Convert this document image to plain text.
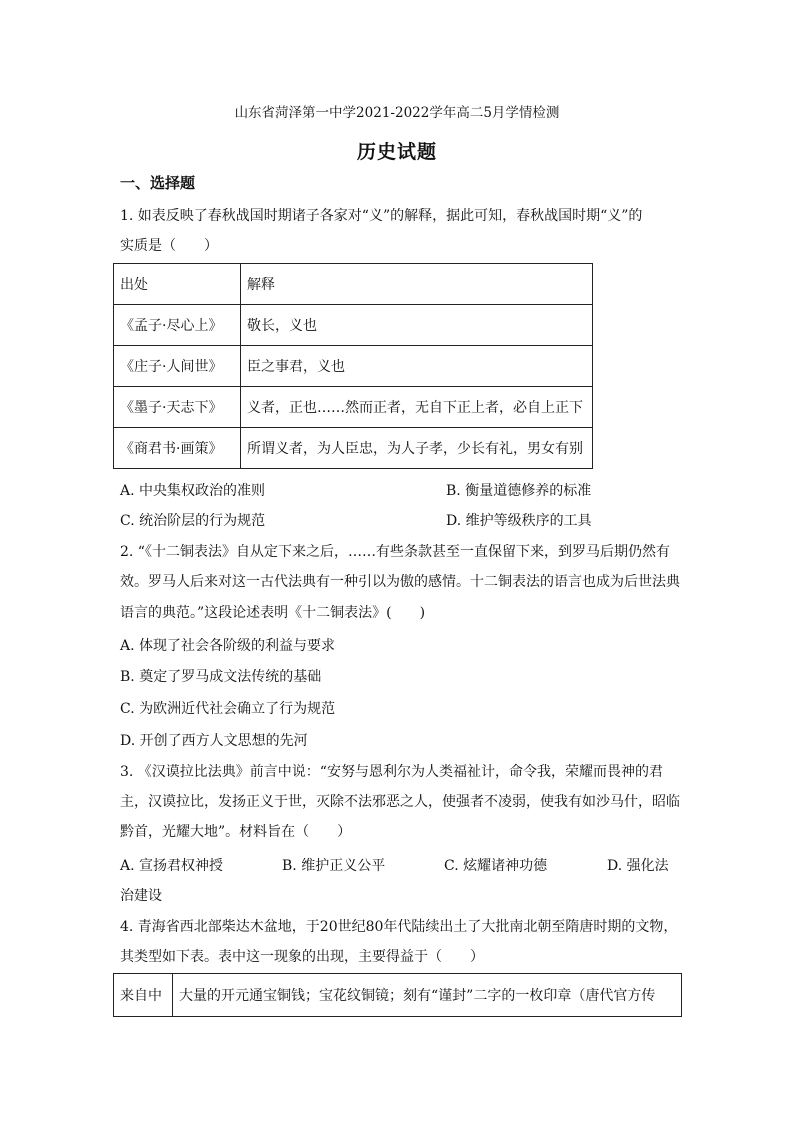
山东省菏泽第一中学2021-2022学年高二5月学情检测
历史试题
一、选择题
1. 如表反映了春秋战国时期诸子各家对“义”的解释，据此可知，春秋战国时期“义”的
实质是（　　）
出处	解释
《孟子·尽心上》	敬长，义也
《庄子·人间世》	臣之事君，义也
《墨子·天志下》	义者，正也……然而正者，无自下正上者，必自上正下
《商君书·画策》	所谓义者，为人臣忠，为人子孝，少长有礼，男女有别
A. 中央集权政治的准则	B. 衡量道德修养的标准
C. 统治阶层的行为规范	D. 维护等级秩序的工具
2. “《十二铜表法》自从定下来之后，……有些条款甚至一直保留下来，到罗马后期仍然有
效。罗马人后来对这一古代法典有一种引以为傲的感情。十二铜表法的语言也成为后世法典
语言的典范。”这段论述表明《十二铜表法》(　　)
A. 体现了社会各阶级的利益与要求
B. 奠定了罗马成文法传统的基础
C. 为欧洲近代社会确立了行为规范
D. 开创了西方人文思想的先河
3. 《汉谟拉比法典》前言中说：“安努与恩利尔为人类福祉计，命令我，荣耀而畏神的君
主，汉谟拉比，发扬正义于世，灭除不法邪恶之人，使强者不凌弱，使我有如沙马什，昭临
黔首，光耀大地”。材料旨在（　　）
A. 宣扬君权神授	B. 维护正义公平	C. 炫耀诸神功德	D. 强化法
治建设
4. 青海省西北部柴达木盆地，于20世纪80年代陆续出土了大批南北朝至隋唐时期的文物，
其类型如下表。表中这一现象的出现，主要得益于（　　）
来自中	大量的开元通宝铜钱；宝花纹铜镜；刻有“谨封”二字的一枚印章（唐代官方传
